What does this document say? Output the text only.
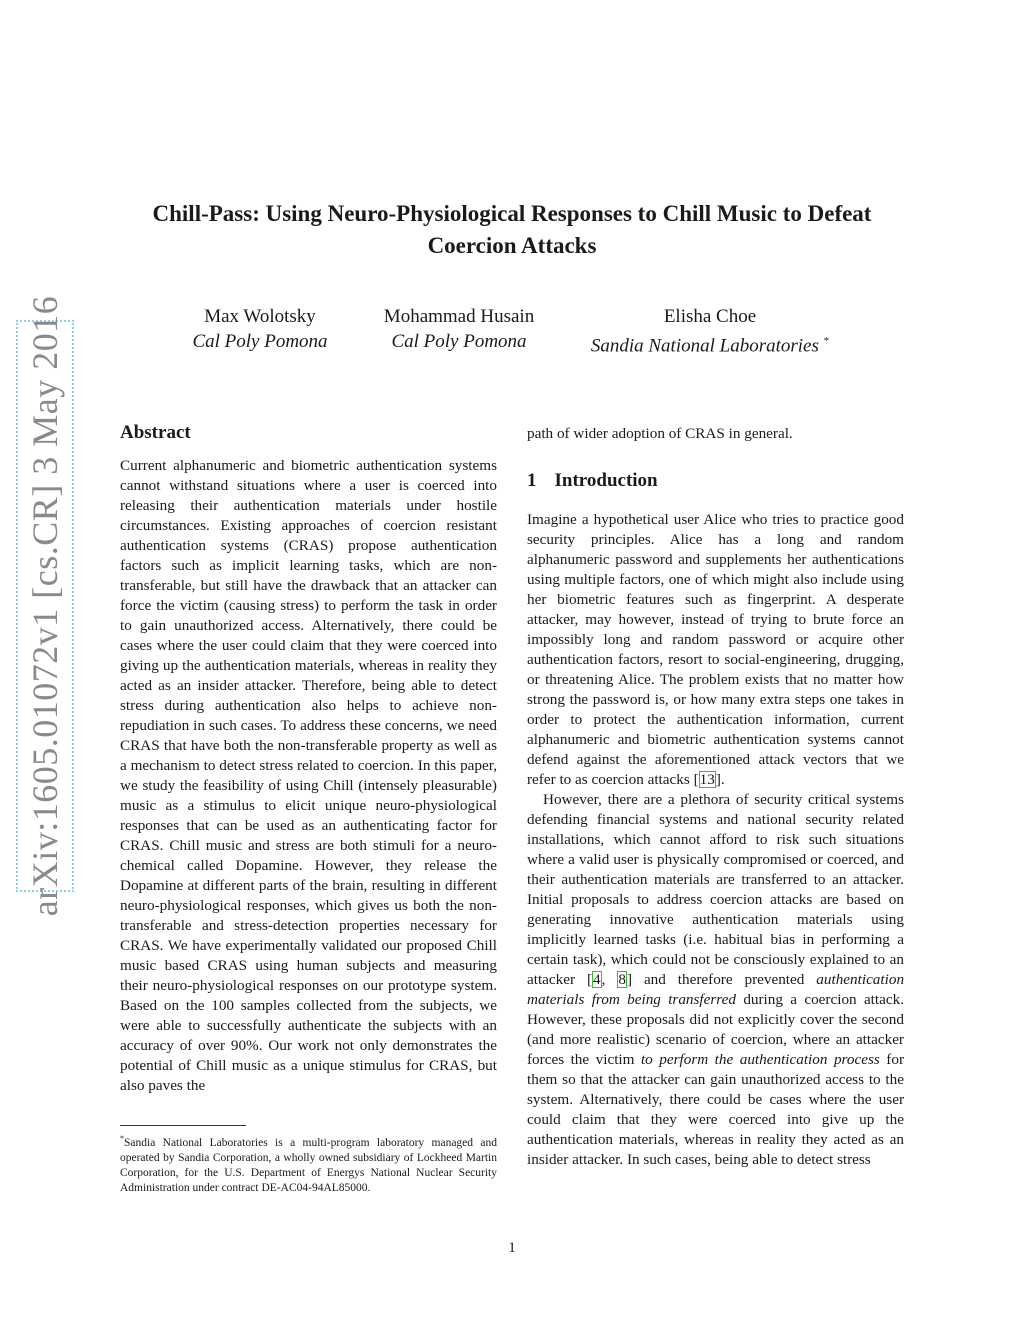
arXiv:1605.01072v1 [cs.CR] 3 May 2016
Chill-Pass: Using Neuro-Physiological Responses to Chill Music to Defeat
Coercion Attacks
Max Wolotsky
Cal Poly Pomona
Mohammad Husain
Cal Poly Pomona
Elisha Choe
Sandia National Laboratories *
Abstract

Current alphanumeric and biometric authentication systems cannot withstand situations where a user is coerced into releasing their authentication materials under hostile circumstances. Existing approaches of coercion resistant authentication systems (CRAS) propose authentication factors such as implicit learning tasks, which are non-transferable, but still have the drawback that an attacker can force the victim (causing stress) to perform the task in order to gain unauthorized access. Alternatively, there could be cases where the user could claim that they were coerced into giving up the authentication materials, whereas in reality they acted as an insider attacker. Therefore, being able to detect stress during authentication also helps to achieve non-repudiation in such cases. To address these concerns, we need CRAS that have both the non-transferable property as well as a mechanism to detect stress related to coercion. In this paper, we study the feasibility of using Chill (intensely pleasurable) music as a stimulus to elicit unique neuro-physiological responses that can be used as an authenticating factor for CRAS. Chill music and stress are both stimuli for a neuro-chemical called Dopamine. However, they release the Dopamine at different parts of the brain, resulting in different neuro-physiological responses, which gives us both the non-transferable and stress-detection properties necessary for CRAS. We have experimentally validated our proposed Chill music based CRAS using human subjects and measuring their neuro-physiological responses on our prototype system. Based on the 100 samples collected from the subjects, we were able to successfully authenticate the subjects with an accuracy of over 90%. Our work not only demonstrates the potential of Chill music as a unique stimulus for CRAS, but also paves the

*Sandia National Laboratories is a multi-program laboratory managed and operated by Sandia Corporation, a wholly owned subsidiary of Lockheed Martin Corporation, for the U.S. Department of Energys National Nuclear Security Administration under contract DE-AC04-94AL85000.

path of wider adoption of CRAS in general.

1 Introduction

Imagine a hypothetical user Alice who tries to practice good security principles. Alice has a long and random alphanumeric password and supplements her authentications using multiple factors, one of which might also include using her biometric features such as fingerprint. A desperate attacker, may however, instead of trying to brute force an impossibly long and random password or acquire other authentication factors, resort to social-engineering, drugging, or threatening Alice. The problem exists that no matter how strong the password is, or how many extra steps one takes in order to protect the authentication information, current alphanumeric and biometric authentication systems cannot defend against the aforementioned attack vectors that we refer to as coercion attacks [13].

However, there are a plethora of security critical systems defending financial systems and national security related installations, which cannot afford to risk such situations where a valid user is physically compromised or coerced, and their authentication materials are transferred to an attacker. Initial proposals to address coercion attacks are based on generating innovative authentication materials using implicitly learned tasks (i.e. habitual bias in performing a certain task), which could not be consciously explained to an attacker [4, 8] and therefore prevented authentication materials from being transferred during a coercion attack. However, these proposals did not explicitly cover the second (and more realistic) scenario of coercion, where an attacker forces the victim to perform the authentication process for them so that the attacker can gain unauthorized access to the system. Alternatively, there could be cases where the user could claim that they were coerced into give up the authentication materials, whereas in reality they acted as an insider attacker. In such cases, being able to detect stress

1
